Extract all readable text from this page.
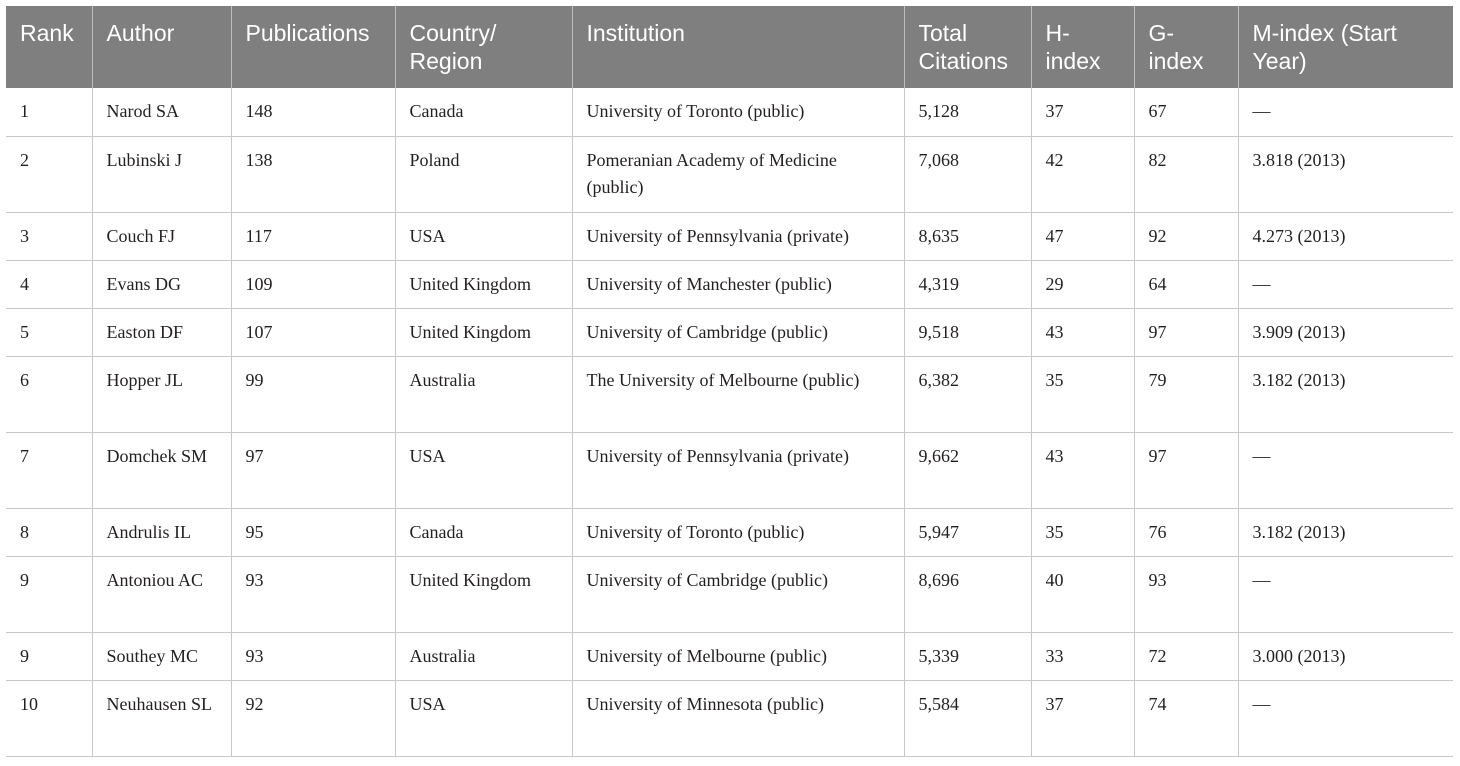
Rank	Author	Publications	Country/ Region	Institution	Total Citations	H- index	G- index	M-index (Start Year)
1	Narod SA	148	Canada	University of Toronto (public)	5,128	37	67	—
2	Lubinski J	138	Poland	Pomeranian Academy of Medicine (public)	7,068	42	82	3.818 (2013)
3	Couch FJ	117	USA	University of Pennsylvania (private)	8,635	47	92	4.273 (2013)
4	Evans DG	109	United Kingdom	University of Manchester (public)	4,319	29	64	—
5	Easton DF	107	United Kingdom	University of Cambridge (public)	9,518	43	97	3.909 (2013)
6	Hopper JL	99	Australia	The University of Melbourne (public)	6,382	35	79	3.182 (2013)
7	Domchek SM	97	USA	University of Pennsylvania (private)	9,662	43	97	—
8	Andrulis IL	95	Canada	University of Toronto (public)	5,947	35	76	3.182 (2013)
9	Antoniou AC	93	United Kingdom	University of Cambridge (public)	8,696	40	93	—
9	Southey MC	93	Australia	University of Melbourne (public)	5,339	33	72	3.000 (2013)
10	Neuhausen SL	92	USA	University of Minnesota (public)	5,584	37	74	—
